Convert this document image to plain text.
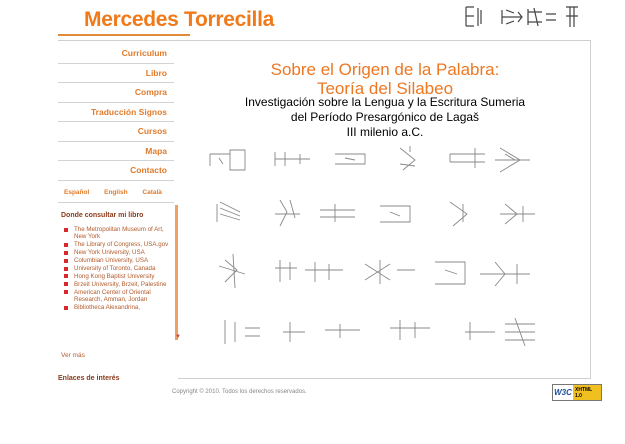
Mercedes Torrecilla
Curriculum
Libro
Compra
Traducción Signos
Cursos
Mapa
Contacto
Español English Català
Donde consultar mi libro
The Metropolitan Museum of Art, New York
The Library of Congress, USA.gov
New York University, USA
Columbian University, USA
University of Toronto, Canada
Hong Kong Baptist University
Brzeit University, Brzeit, Palestine
American Center of Oriental Research, Amman, Jordan
Bibliotheca Alexandrina,
▼
Ver más
Enlaces de interés
Sobre el Origen de la Palabra:
Teoría del Silabeo
Investigación sobre la Lengua y la Escritura Sumeria
del Período Presargónico de Lagaš
III milenio a.C.
Copyright © 2010. Todos los derechos reservados.	W3C XHTML 1.0
